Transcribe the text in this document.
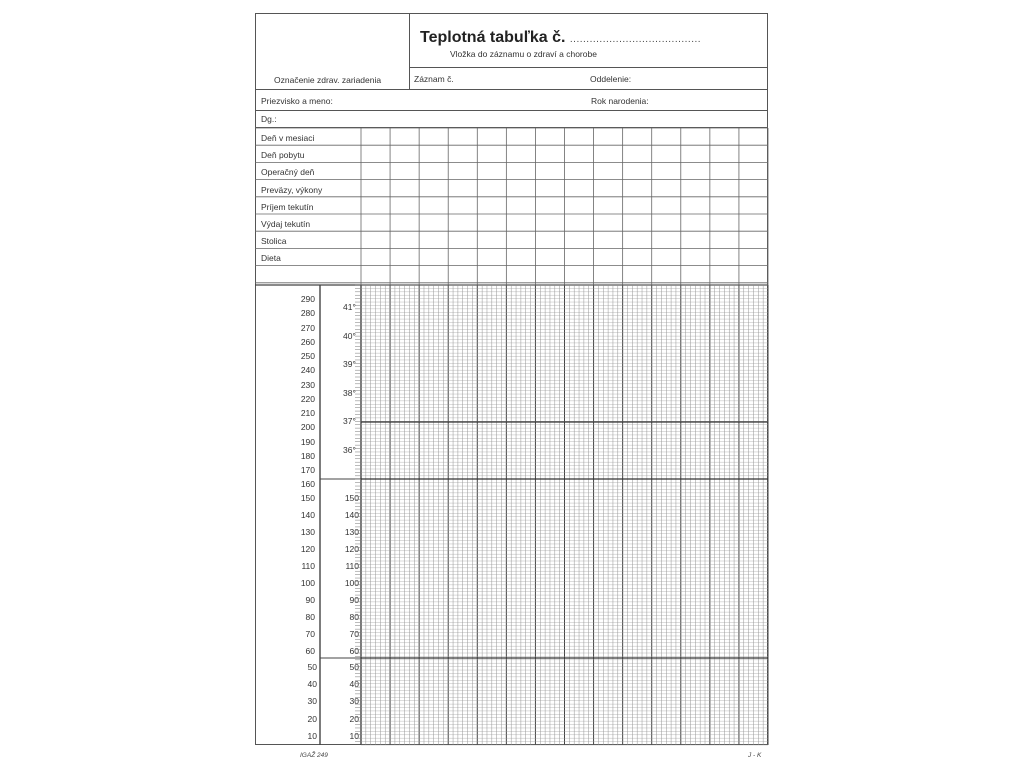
Teplotná tabuľka č. ........................................
Vložka do záznamu o zdraví a chorobe
Označenie zdrav. zariadenia	Záznam č.	Oddelenie:
Priezvisko a meno:	Rok narodenia:
Dg.:
Deň v mesiaci
Deň pobytu
Operačný deň
Preväzy, výkony
Príjem tekutín
Výdaj tekutín
Stolica
Dieta
290
280
270
260
250
240
230
220
210
200
190
180
170
160
150
140
130
120
110
100
90
80
70
60
50
40
30
20
10
41°
40°
39°
38°
37°
36°
150
140
130
120
110
100
90
80
70
60
50
40
30
20
10
IGAŽ 249	J - K
